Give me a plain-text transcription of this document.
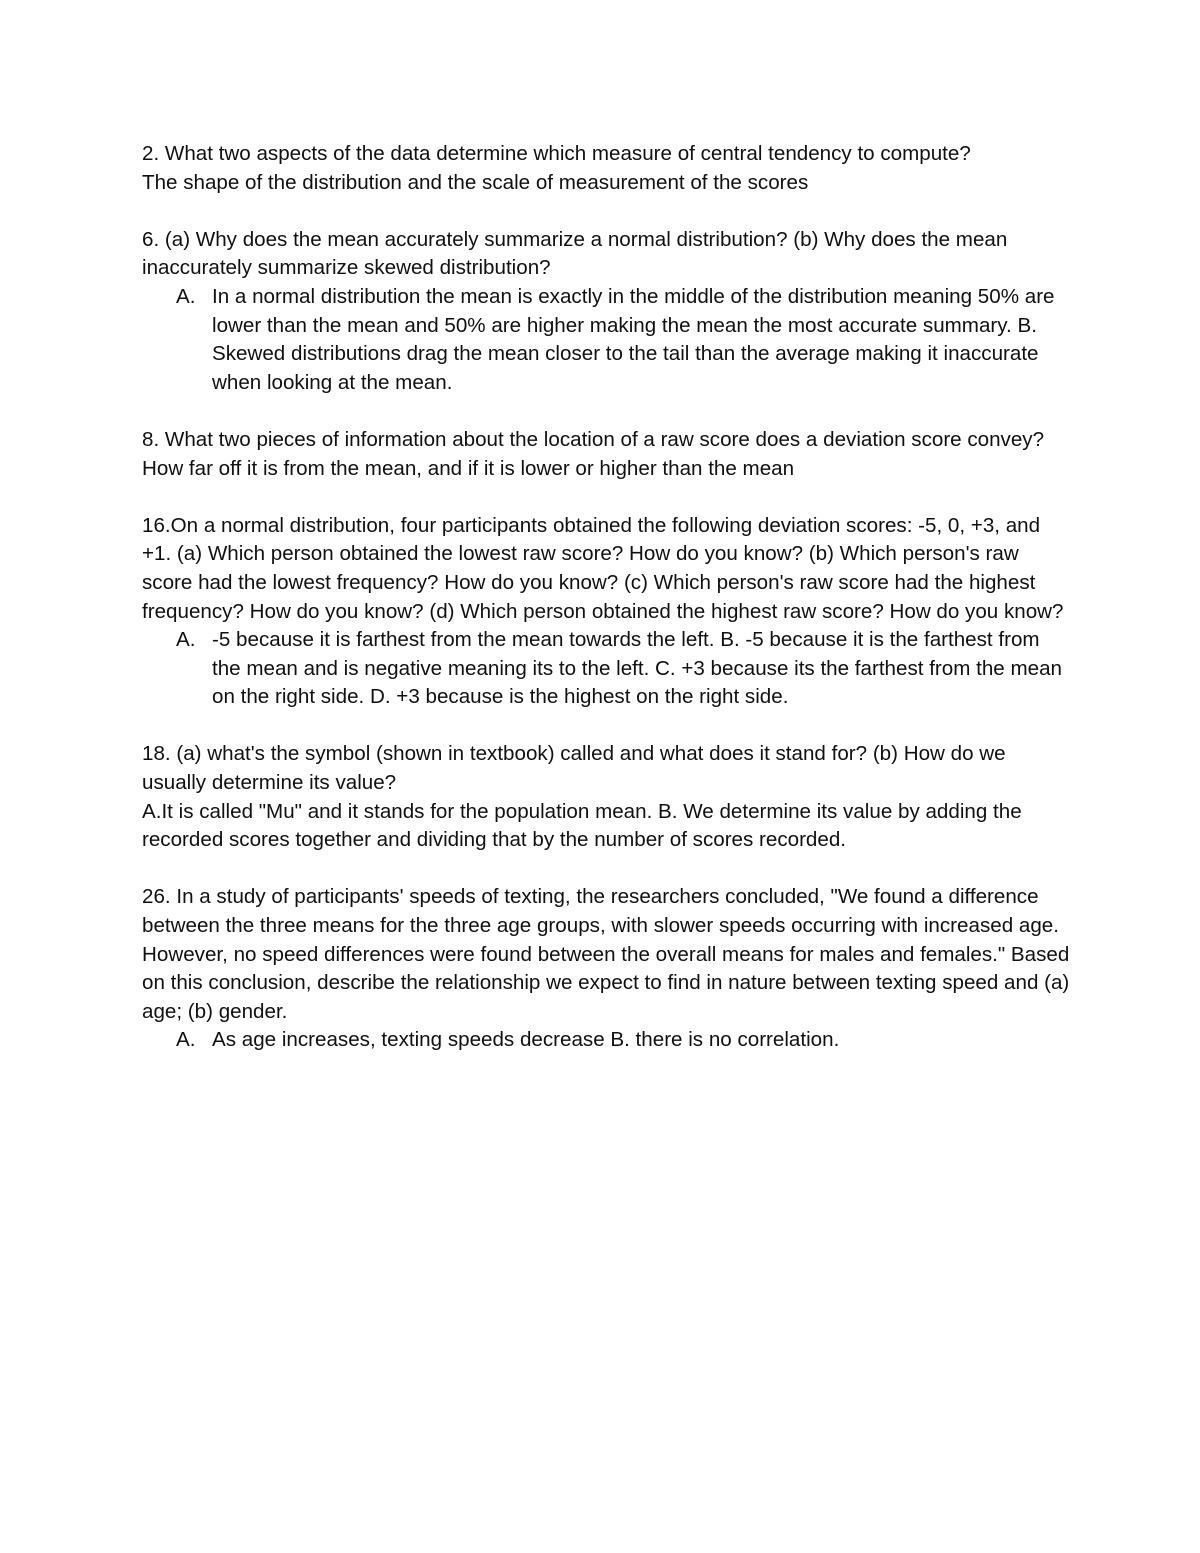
2. What two aspects of the data determine which measure of central tendency to compute?

The shape of the distribution and the scale of measurement of the scores

6. (a) Why does the mean accurately summarize a normal distribution? (b) Why does the mean inaccurately summarize skewed distribution?

A. In a normal distribution the mean is exactly in the middle of the distribution meaning 50% are lower than the mean and 50% are higher making the mean the most accurate summary. B. Skewed distributions drag the mean closer to the tail than the average making it inaccurate when looking at the mean.

8. What two pieces of information about the location of a raw score does a deviation score convey?

How far off it is from the mean, and if it is lower or higher than the mean

16.On a normal distribution, four participants obtained the following deviation scores: -5, 0, +3, and +1. (a) Which person obtained the lowest raw score? How do you know? (b) Which person's raw score had the lowest frequency? How do you know? (c) Which person's raw score had the highest frequency? How do you know? (d) Which person obtained the highest raw score? How do you know?

A. -5 because it is farthest from the mean towards the left. B. -5 because it is the farthest from the mean and is negative meaning its to the left. C. +3 because its the farthest from the mean on the right side. D. +3 because is the highest on the right side.

18. (a) what's the symbol (shown in textbook) called and what does it stand for? (b) How do we usually determine its value?

A.It is called "Mu" and it stands for the population mean. B. We determine its value by adding the recorded scores together and dividing that by the number of scores recorded.

26. In a study of participants' speeds of texting, the researchers concluded, "We found a difference between the three means for the three age groups, with slower speeds occurring with increased age. However, no speed differences were found between the overall means for males and females." Based on this conclusion, describe the relationship we expect to find in nature between texting speed and (a) age; (b) gender.

A. As age increases, texting speeds decrease B. there is no correlation.
